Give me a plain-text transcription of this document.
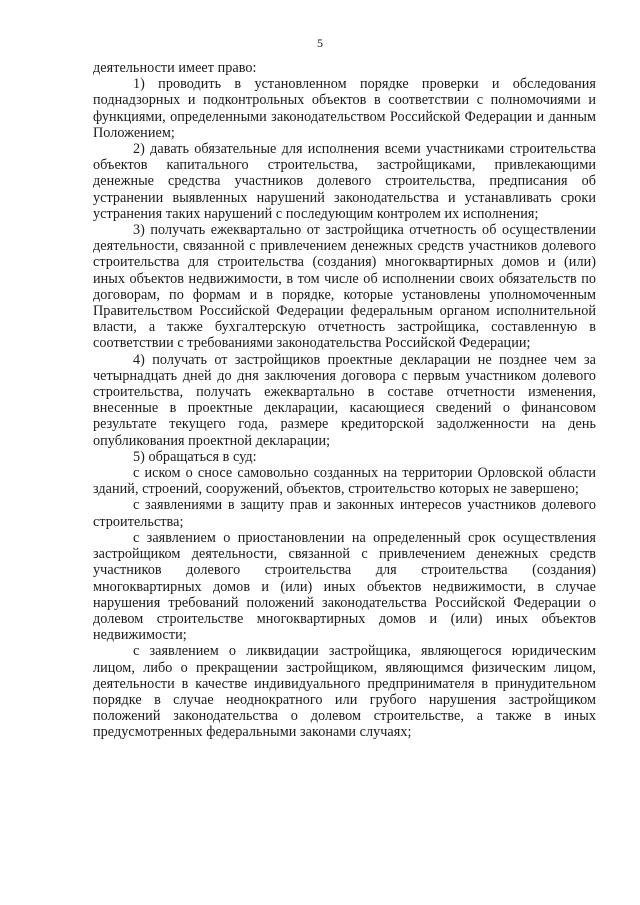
5

деятельности имеет право:

1) проводить в установленном порядке проверки и обследования поднадзорных и подконтрольных объектов в соответствии с полномочиями и функциями, определенными законодательством Российской Федерации и данным Положением;

2) давать обязательные для исполнения всеми участниками строительства объектов капитального строительства, застройщиками, привлекающими денежные средства участников долевого строительства, предписания об устранении выявленных нарушений законодательства и устанавливать сроки устранения таких нарушений с последующим контролем их исполнения;

3) получать ежеквартально от застройщика отчетность об осуществлении деятельности, связанной с привлечением денежных средств участников долевого строительства для строительства (создания) многоквартирных домов и (или) иных объектов недвижимости, в том числе об исполнении своих обязательств по договорам, по формам и в порядке, которые установлены уполномоченным Правительством Российской Федерации федеральным органом исполнительной власти, а также бухгалтерскую отчетность застройщика, составленную в соответствии с требованиями законодательства Российской Федерации;

4) получать от застройщиков проектные декларации не позднее чем за четырнадцать дней до дня заключения договора с первым участником долевого строительства, получать ежеквартально в составе отчетности изменения, внесенные в проектные декларации, касающиеся сведений о финансовом результате текущего года, размере кредиторской задолженности на день опубликования проектной декларации;

5) обращаться в суд:

с иском о сносе самовольно созданных на территории Орловской области зданий, строений, сооружений, объектов, строительство которых не завершено;

с заявлениями в защиту прав и законных интересов участников долевого строительства;

с заявлением о приостановлении на определенный срок осуществления застройщиком деятельности, связанной с привлечением денежных средств участников долевого строительства для строительства (создания) многоквартирных домов и (или) иных объектов недвижимости, в случае нарушения требований положений законодательства Российской Федерации о долевом строительстве многоквартирных домов и (или) иных объектов недвижимости;

с заявлением о ликвидации застройщика, являющегося юридическим лицом, либо о прекращении застройщиком, являющимся физическим лицом, деятельности в качестве индивидуального предпринимателя в принудительном порядке в случае неоднократного или грубого нарушения застройщиком положений законодательства о долевом строительстве, а также в иных предусмотренных федеральными законами случаях;
